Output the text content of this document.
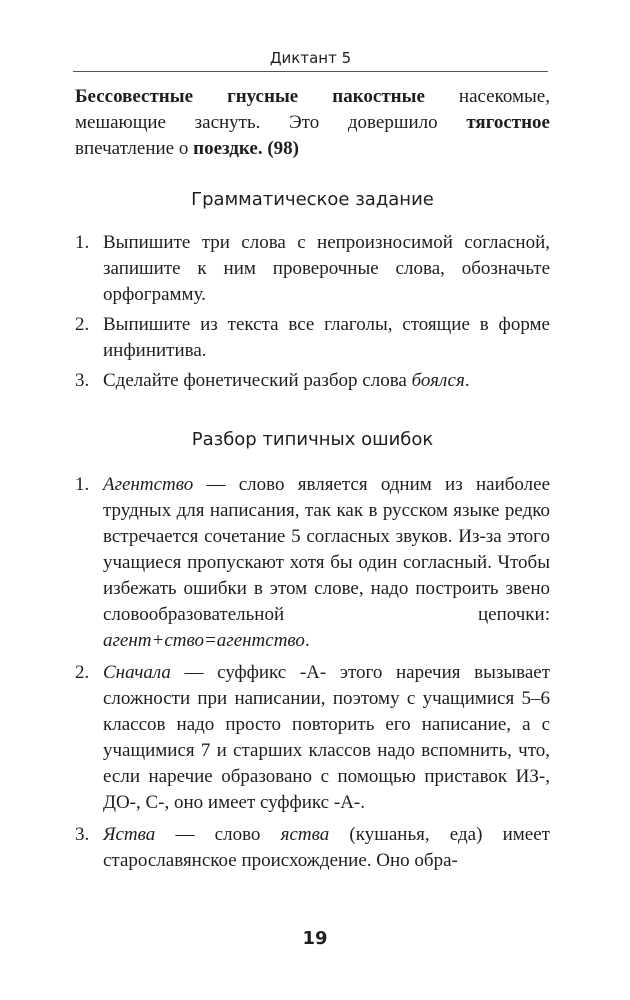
Диктант 5

Бессовестные гнусные пакостные насекомые, мешающие заснуть. Это довершило тягостное впечатление о поездке. (98)

Грамматическое задание
1. Выпишите три слова с непроизносимой согласной, запишите к ним проверочные слова, обозначьте орфограмму.
2. Выпишите из текста все глаголы, стоящие в форме инфинитива.
3. Сделайте фонетический разбор слова боялся.
Разбор типичных ошибок
1. Агентство — слово является одним из наиболее трудных для написания, так как в русском языке редко встречается сочетание 5 согласных звуков. Из-за этого учащиеся пропускают хотя бы один согласный. Чтобы избежать ошибки в этом слове, надо построить звено словообразовательной цепочки: агент+ство=агентство.
2. Сначала — суффикс -А- этого наречия вызывает сложности при написании, поэтому с учащимися 5–6 классов надо просто повторить его написание, а с учащимися 7 и старших классов надо вспомнить, что, если наречие образовано с помощью приставок ИЗ-, ДО-, С-, оно имеет суффикс -А-.
3. Яства — слово яства (кушанья, еда) имеет старославянское происхождение. Оно обра-
19
